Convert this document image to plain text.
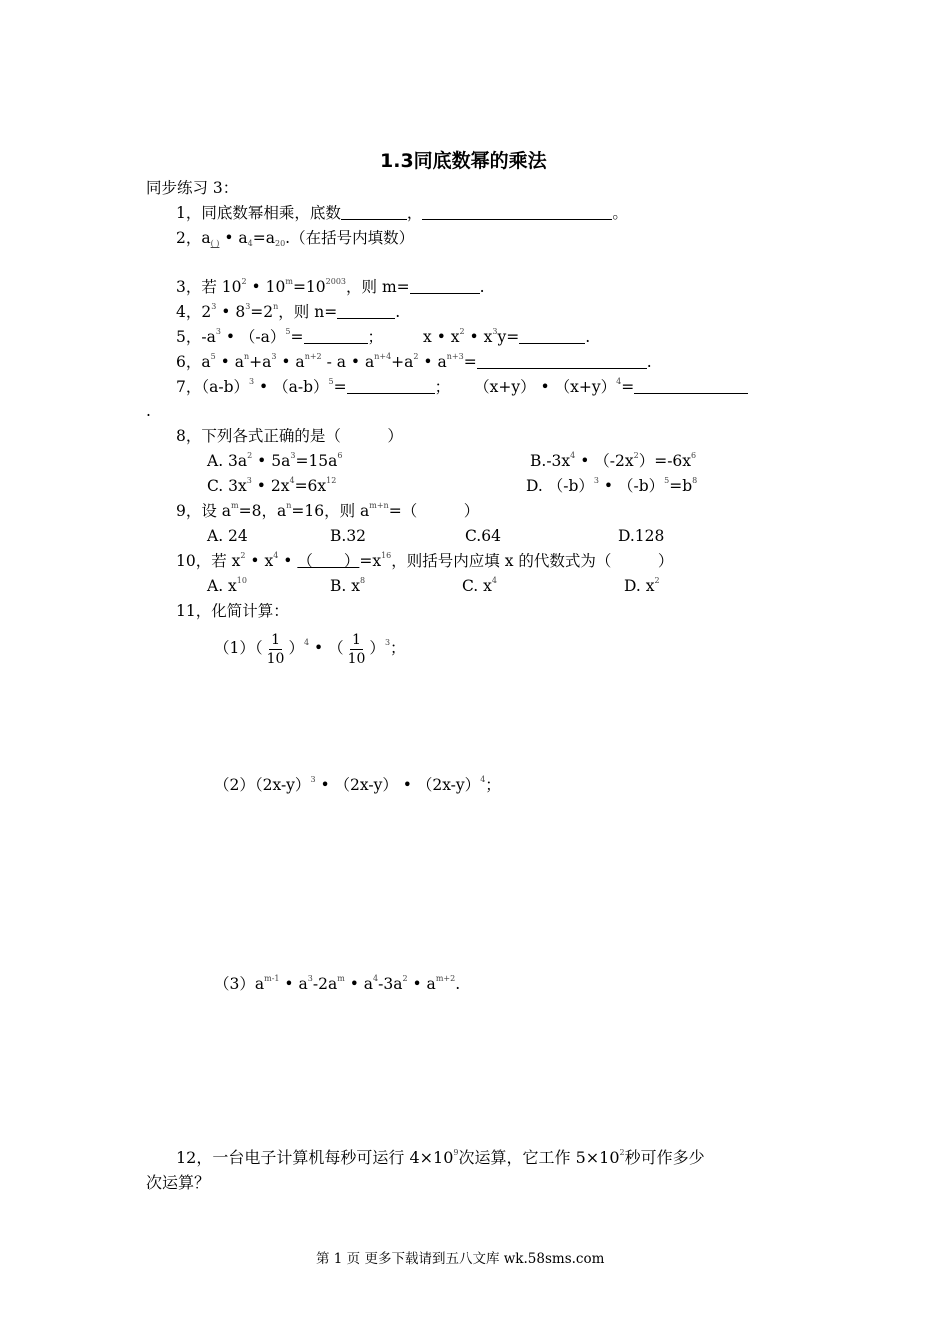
1.3同底数幂的乘法
同步练习 3：
1，同底数幂相乘，底数	，	。
2，$a_{( )}$ • $a_4=a_{20}$.（在括号内填数）
3，若 $10^2$ • $10^m=10^{2003}$，则 m=	.
4，$2^3$ • $8^3=2^n$，则 n=	.
5，$-a^3$ • $(-a)^5=$	；	x • $x^2$ • $x^3y=$	.
6，$a^5$ • $a^n+a^3$ • $a^{n+2}$ - a • $a^{n+4}+a^2$ • $a^{n+3}=$	.
7，$(a-b)^3$ • $(a-b)^5=$	； （x+y） • $(x+y)^4=$
.
8，下列各式正确的是（　　　）
A. $3a^2$ • $5a^3=15a^6$	$B.-3x^4$ • $(-2x^2)=-6x^6$
C. $3x^3$ • $2x^4=6x^{12}$	D. $(-b)^3$ • $(-b)^5=b^8$
9，设 $a^m=8$，$a^n=16$，则 $a^{m+n}=$（　　　）
A. 24	B.32	C.64	D.128
10，若 $x^2$ • $x^4$ • （　　）$=x^{16}$，则括号内应填 x 的代数式为（　　　）
A. $x^{10}$	B. $x^8$	C. $x^4$	D. $x^2$
11，化简计算：
$(1)( \frac{1}{10} )^4$ • （ $\frac{1}{10} )^3$；
$(2)(2x-y)^3$ • （2x-y） • $(2x-y)^4$；
$(3)a^{m-1}$ • $a^3-2a^m$ • $a^4-3a^2$ • $a^{m+2}$.
12，一台电子计算机每秒可运行 $4\times 10^9$次运算，它工作 $5\times 10^2$秒可作多少
次运算？
第 1 页 更多下载请到五八文库 wk.58sms.com
